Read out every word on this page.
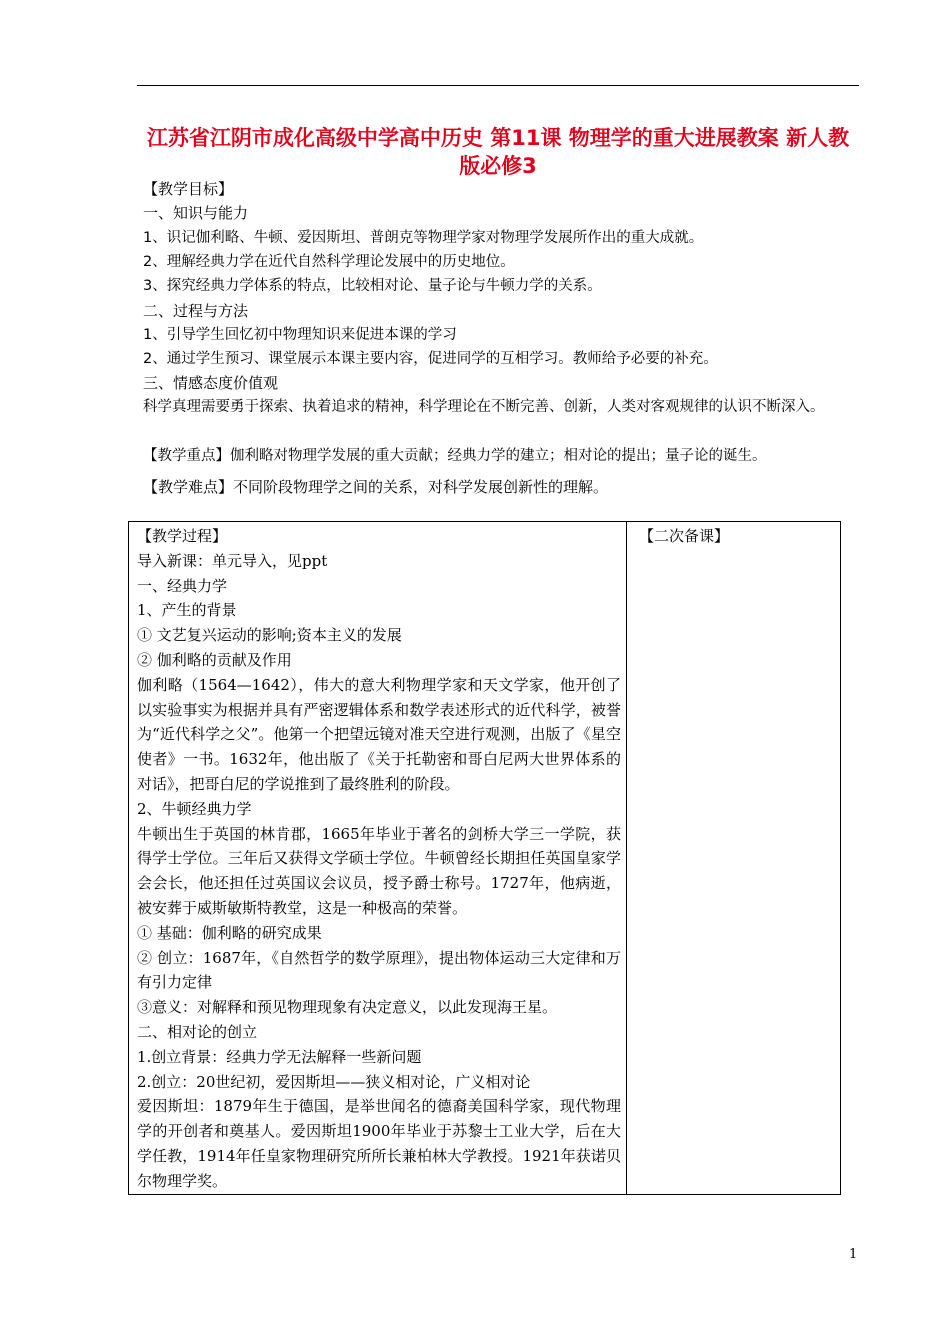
江苏省江阴市成化高级中学高中历史 第11课 物理学的重大进展教案 新人教版必修3
【教学目标】
一、知识与能力
1、识记伽利略、牛顿、爱因斯坦、普朗克等物理学家对物理学发展所作出的重大成就。
2、理解经典力学在近代自然科学理论发展中的历史地位。
3、探究经典力学体系的特点，比较相对论、量子论与牛顿力学的关系。
二、过程与方法
1、引导学生回忆初中物理知识来促进本课的学习
2、通过学生预习、课堂展示本课主要内容，促进同学的互相学习。教师给予必要的补充。
三、情感态度价值观
科学真理需要勇于探索、执着追求的精神，科学理论在不断完善、创新，人类对客观规律的认识不断深入。
【教学重点】伽利略对物理学发展的重大贡献；经典力学的建立；相对论的提出；量子论的诞生。
【教学难点】不同阶段物理学之间的关系，对科学发展创新性的理解。

【教学过程】

导入新课：单元导入，见ppt

一、经典力学

1、产生的背景

① 文艺复兴运动的影响;资本主义的发展

② 伽利略的贡献及作用

伽利略（1564—1642），伟大的意大利物理学家和天文学家，他开创了以实验事实为根据并具有严密逻辑体系和数学表述形式的近代科学，被誉为“近代科学之父”。他第一个把望远镜对准天空进行观测，出版了《星空使者》一书。1632年，他出版了《关于托勒密和哥白尼两大世界体系的对话》，把哥白尼的学说推到了最终胜利的阶段。

2、牛顿经典力学

牛顿出生于英国的林肯郡，1665年毕业于著名的剑桥大学三一学院，获得学士学位。三年后又获得文学硕士学位。牛顿曾经长期担任英国皇家学会会长，他还担任过英国议会议员，授予爵士称号。1727年，他病逝，被安葬于威斯敏斯特教堂，这是一种极高的荣誉。

① 基础：伽利略的研究成果

② 创立：1687年，《自然哲学的数学原理》，提出物体运动三大定律和万有引力定律

③意义：对解释和预见物理现象有决定意义，以此发现海王星。

二、相对论的创立

1.创立背景：经典力学无法解释一些新问题

2.创立：20世纪初，爱因斯坦——狭义相对论，广义相对论

爱因斯坦：1879年生于德国，是举世闻名的德裔美国科学家，现代物理学的开创者和奠基人。爱因斯坦1900年毕业于苏黎士工业大学，后在大学任教，1914年任皇家物理研究所所长兼柏林大学教授。1921年获诺贝尔物理学奖。

【二次备课】
1
